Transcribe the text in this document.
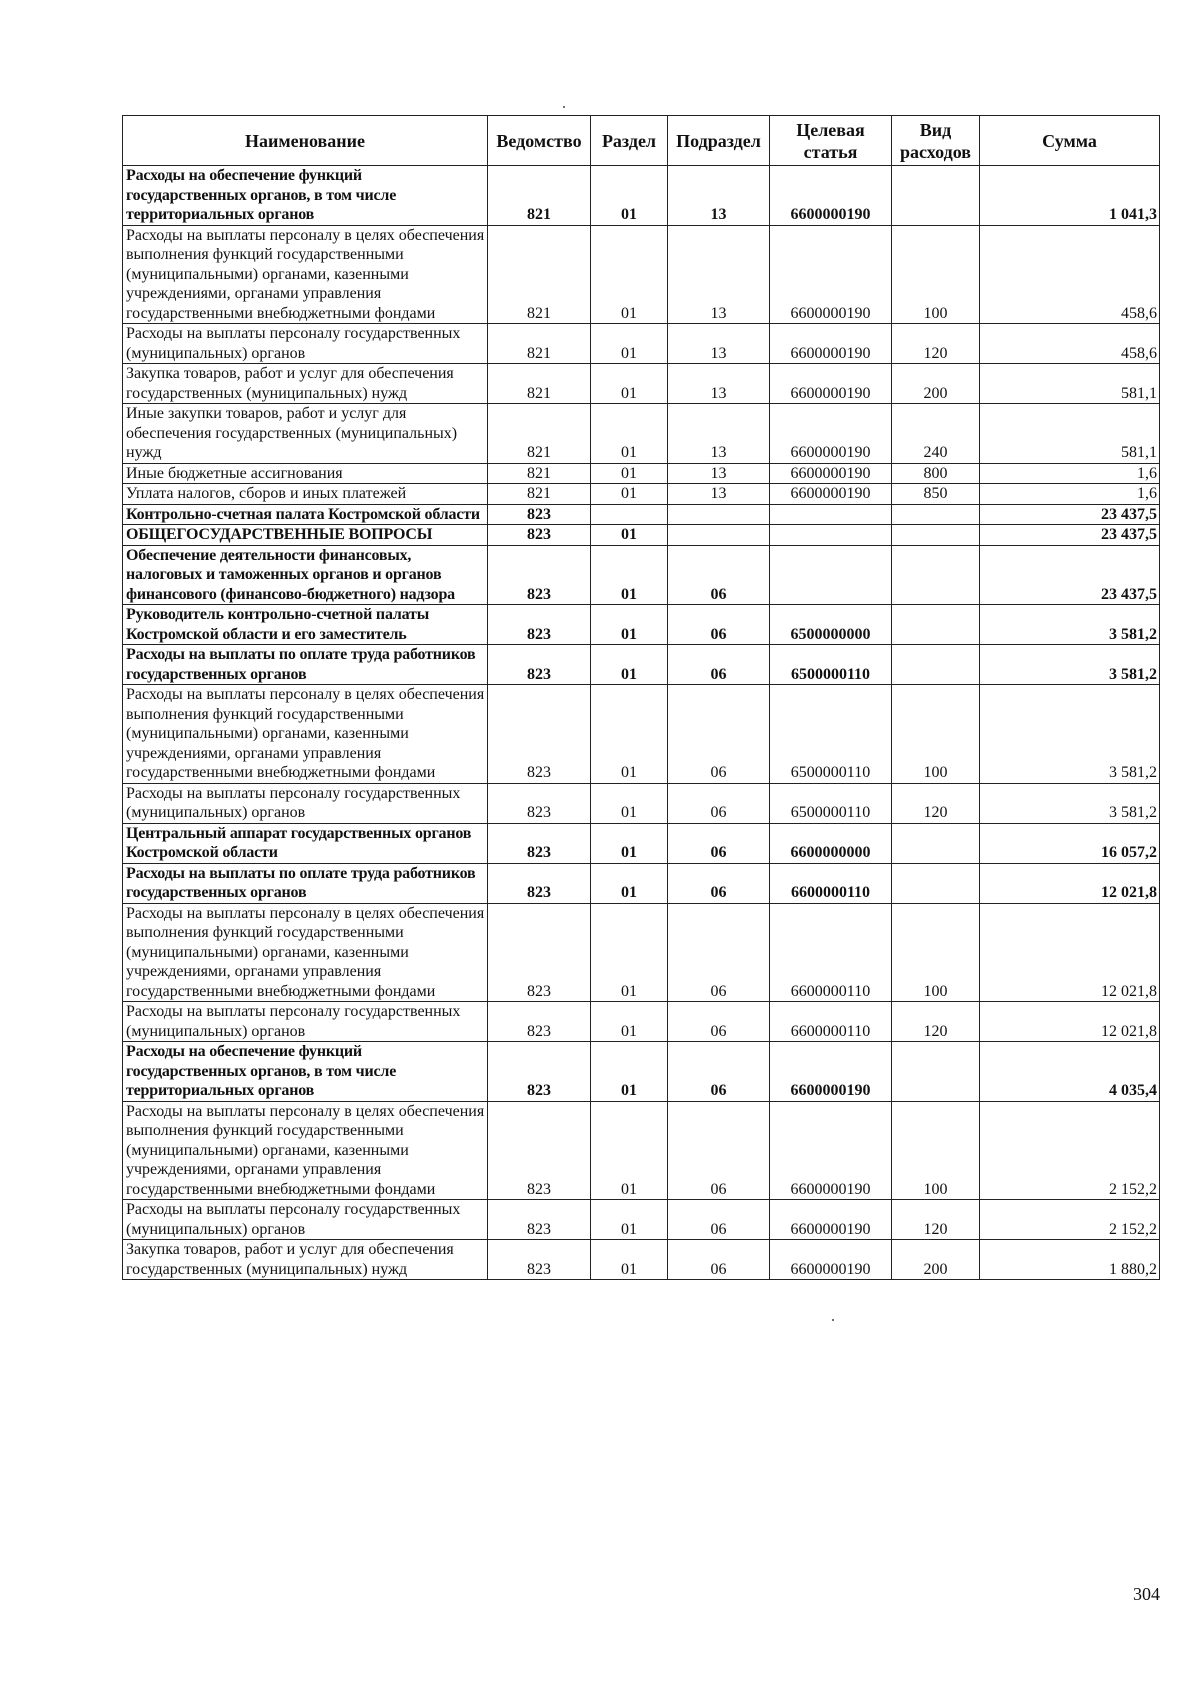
Наименование	Ведомство	Раздел	Подраздел	Целевая статья	Вид расходов	Сумма
Расходы на обеспечение функций государственных органов, в том числе территориальных органов	821	01	13	6600000190		1 041,3
Расходы на выплаты персоналу в целях обеспечения выполнения функций государственными (муниципальными) органами, казенными учреждениями, органами управления государственными внебюджетными фондами	821	01	13	6600000190	100	458,6
Расходы на выплаты персоналу государственных (муниципальных) органов	821	01	13	6600000190	120	458,6
Закупка товаров, работ и услуг для обеспечения государственных (муниципальных) нужд	821	01	13	6600000190	200	581,1
Иные закупки товаров, работ и услуг для обеспечения государственных (муниципальных) нужд	821	01	13	6600000190	240	581,1
Иные бюджетные ассигнования	821	01	13	6600000190	800	1,6
Уплата налогов, сборов и иных платежей	821	01	13	6600000190	850	1,6
Контрольно-счетная палата Костромской области	823					23 437,5
ОБЩЕГОСУДАРСТВЕННЫЕ ВОПРОСЫ	823	01				23 437,5
Обеспечение деятельности финансовых, налоговых и таможенных органов и органов финансового (финансово-бюджетного) надзора	823	01	06			23 437,5
Руководитель контрольно-счетной палаты Костромской области и его заместитель	823	01	06	6500000000		3 581,2
Расходы на выплаты по оплате труда работников государственных органов	823	01	06	6500000110		3 581,2
Расходы на выплаты персоналу в целях обеспечения выполнения функций государственными (муниципальными) органами, казенными учреждениями, органами управления государственными внебюджетными фондами	823	01	06	6500000110	100	3 581,2
Расходы на выплаты персоналу государственных (муниципальных) органов	823	01	06	6500000110	120	3 581,2
Центральный аппарат государственных органов Костромской области	823	01	06	6600000000		16 057,2
Расходы на выплаты по оплате труда работников государственных органов	823	01	06	6600000110		12 021,8
Расходы на выплаты персоналу в целях обеспечения выполнения функций государственными (муниципальными) органами, казенными учреждениями, органами управления государственными внебюджетными фондами	823	01	06	6600000110	100	12 021,8
Расходы на выплаты персоналу государственных (муниципальных) органов	823	01	06	6600000110	120	12 021,8
Расходы на обеспечение функций государственных органов, в том числе территориальных органов	823	01	06	6600000190		4 035,4
Расходы на выплаты персоналу в целях обеспечения выполнения функций государственными (муниципальными) органами, казенными учреждениями, органами управления государственными внебюджетными фондами	823	01	06	6600000190	100	2 152,2
Расходы на выплаты персоналу государственных (муниципальных) органов	823	01	06	6600000190	120	2 152,2
Закупка товаров, работ и услуг для обеспечения государственных (муниципальных) нужд	823	01	06	6600000190	200	1 880,2
304
